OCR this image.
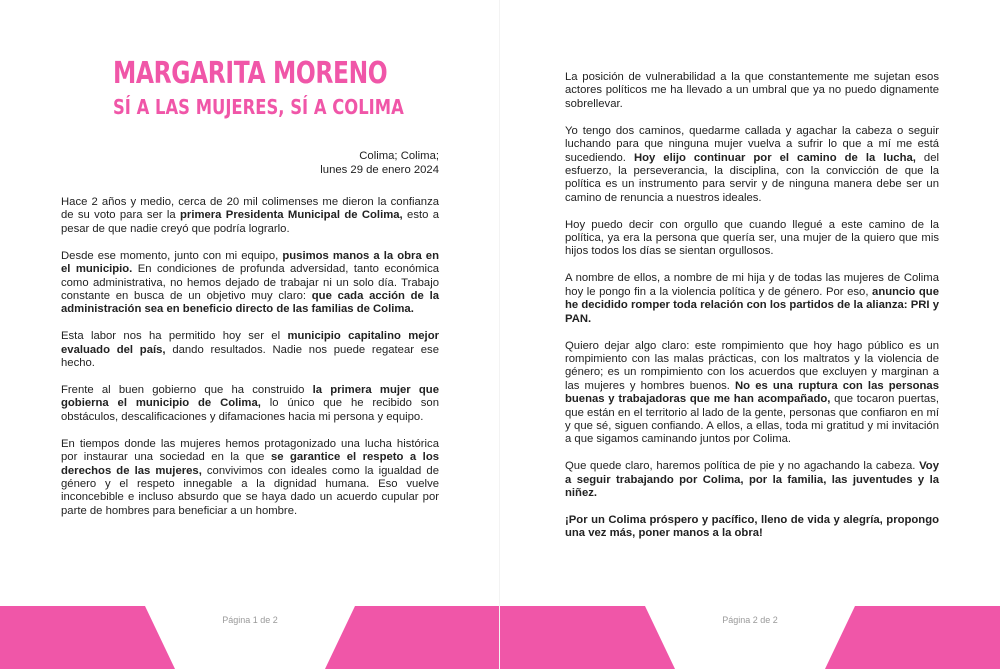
MARGARITA MORENO
SÍ A LAS MUJERES, SÍ A COLIMA
Colima; Colima;
lunes 29 de enero 2024

Hace 2 años y medio, cerca de 20 mil colimenses me dieron la confianza de su voto para ser la primera Presidenta Municipal de Colima, esto a pesar de que nadie creyó que podría lograrlo.

Desde ese momento, junto con mi equipo, pusimos manos a la obra en el municipio. En condiciones de profunda adversidad, tanto económica como administrativa, no hemos dejado de trabajar ni un solo día. Trabajo constante en busca de un objetivo muy claro: que cada acción de la administración sea en beneficio directo de las familias de Colima.

Esta labor nos ha permitido hoy ser el municipio capitalino mejor evaluado del país, dando resultados. Nadie nos puede regatear ese hecho.

Frente al buen gobierno que ha construido la primera mujer que gobierna el municipio de Colima, lo único que he recibido son obstáculos, descalificaciones y difamaciones hacia mi persona y equipo.

En tiempos donde las mujeres hemos protagonizado una lucha histórica por instaurar una sociedad en la que se garantice el respeto a los derechos de las mujeres, convivimos con ideales como la igualdad de género y el respeto innegable a la dignidad humana. Eso vuelve inconcebible e incluso absurdo que se haya dado un acuerdo cupular por parte de hombres para beneficiar a un hombre.

Página 1 de 2

La posición de vulnerabilidad a la que constantemente me sujetan esos actores políticos me ha llevado a un umbral que ya no puedo dignamente sobrellevar.

Yo tengo dos caminos, quedarme callada y agachar la cabeza o seguir luchando para que ninguna mujer vuelva a sufrir lo que a mí me está sucediendo. Hoy elijo continuar por el camino de la lucha, del esfuerzo, la perseverancia, la disciplina, con la convicción de que la política es un instrumento para servir y de ninguna manera debe ser un camino de renuncia a nuestros ideales.

Hoy puedo decir con orgullo que cuando llegué a este camino de la política, ya era la persona que quería ser, una mujer de la quiero que mis hijos todos los días se sientan orgullosos.

A nombre de ellos, a nombre de mi hija y de todas las mujeres de Colima hoy le pongo fin a la violencia política y de género. Por eso, anuncio que he decidido romper toda relación con los partidos de la alianza: PRI y PAN.

Quiero dejar algo claro: este rompimiento que hoy hago público es un rompimiento con las malas prácticas, con los maltratos y la violencia de género; es un rompimiento con los acuerdos que excluyen y marginan a las mujeres y hombres buenos. No es una ruptura con las personas buenas y trabajadoras que me han acompañado, que tocaron puertas, que están en el territorio al lado de la gente, personas que confiaron en mí y que sé, siguen confiando. A ellos, a ellas, toda mi gratitud y mi invitación a que sigamos caminando juntos por Colima.

Que quede claro, haremos política de pie y no agachando la cabeza. Voy a seguir trabajando por Colima, por la familia, las juventudes y la niñez.

¡Por un Colima próspero y pacífico, lleno de vida y alegría, propongo una vez más, poner manos a la obra!

Página 2 de 2
